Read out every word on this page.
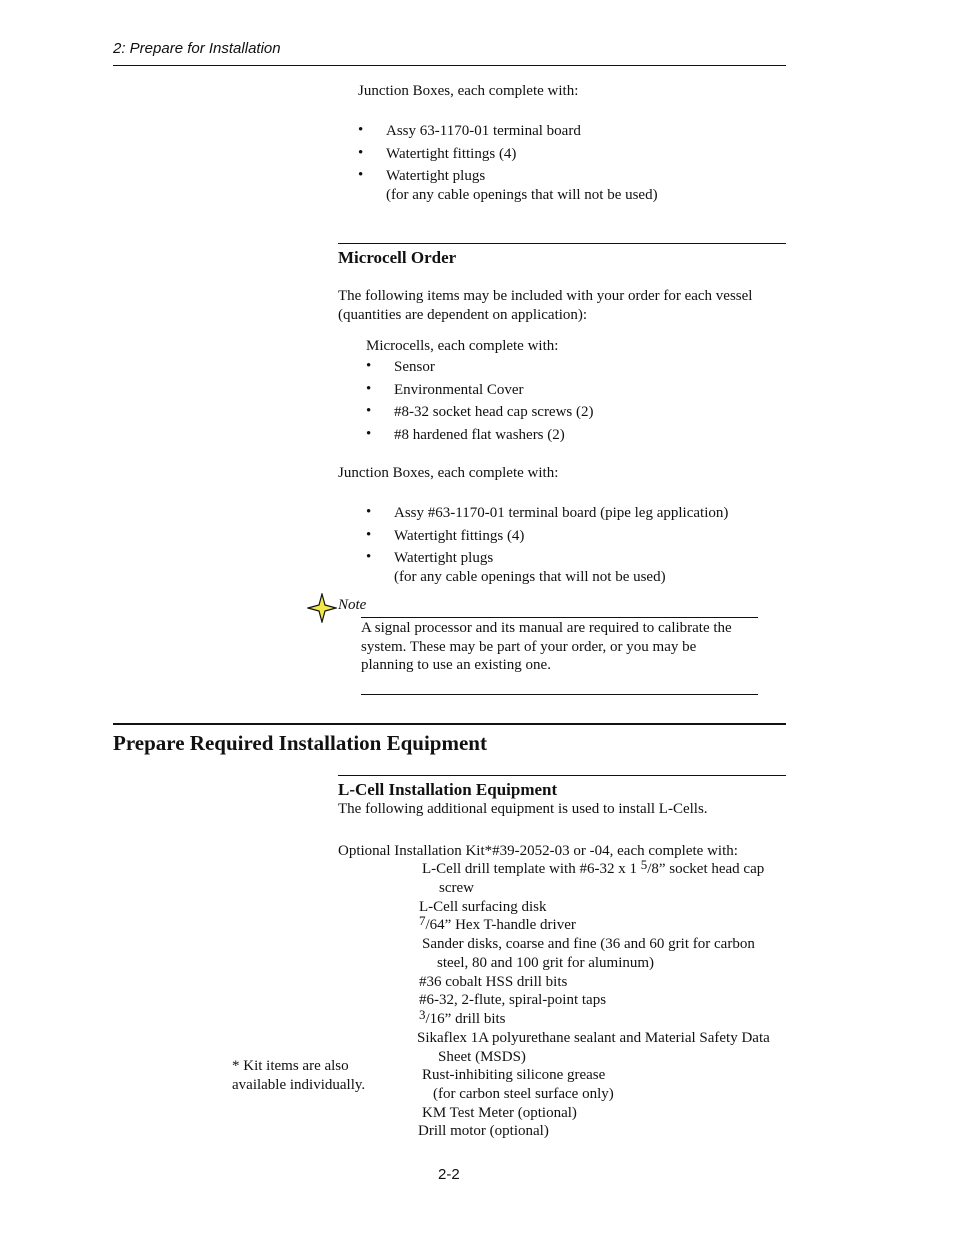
2: Prepare for Installation
Junction Boxes, each complete with:
• Assy 63-1170-01 terminal board
• Watertight fittings (4)
• Watertight plugs
(for any cable openings that will not be used)
Microcell Order
The following items may be included with your order for each vessel
(quantities are dependent on application):
Microcells, each complete with:
• Sensor
• Environmental Cover
• #8-32 socket head cap screws (2)
• #8 hardened flat washers (2)
Junction Boxes, each complete with:
• Assy #63-1170-01 terminal board (pipe leg application)
• Watertight fittings (4)
• Watertight plugs
(for any cable openings that will not be used)
Note
A signal processor and its manual are required to calibrate the
system. These may be part of your order, or you may be
planning to use an existing one.
Prepare Required Installation Equipment
L-Cell Installation Equipment
The following additional equipment is used to install L-Cells.
Optional Installation Kit*#39-2052-03 or -04, each complete with:
L-Cell drill template with #6-32 x 1 $^5$/8” socket head cap
screw
L-Cell surfacing disk
$^7$/64” Hex T-handle driver
Sander disks, coarse and fine (36 and 60 grit for carbon
steel, 80 and 100 grit for aluminum)
#36 cobalt HSS drill bits
#6-32, 2-flute, spiral-point taps
$^3$/16” drill bits
Sikaflex 1A polyurethane sealant and Material Safety Data
Sheet (MSDS)
Rust-inhibiting silicone grease
(for carbon steel surface only)
KM Test Meter (optional)
Drill motor (optional)
* Kit items are also
available individually.
2-2
